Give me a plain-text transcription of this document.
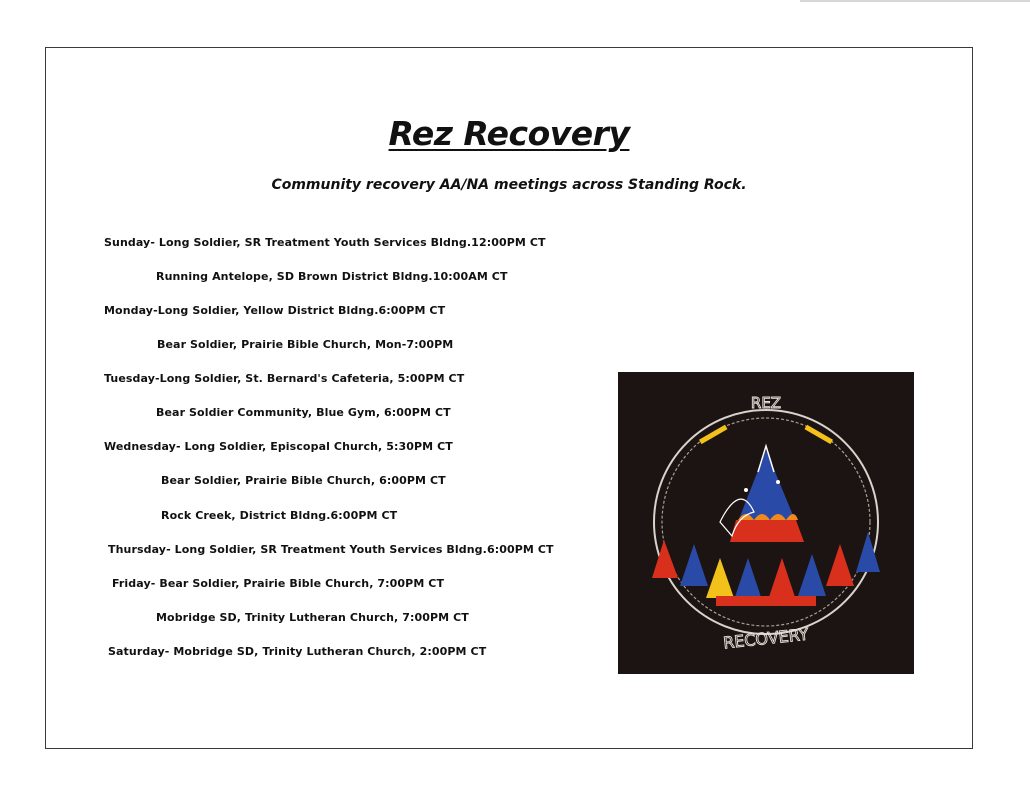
Rez Recovery
Community recovery AA/NA meetings across Standing Rock.
Sunday- Long Soldier, SR Treatment Youth Services Bldng.12:00PM CT
Running Antelope, SD Brown District Bldng.10:00AM CT
Monday-Long Soldier, Yellow District Bldng.6:00PM CT
Bear Soldier, Prairie Bible Church, Mon-7:00PM
Tuesday-Long Soldier, St. Bernard's Cafeteria, 5:00PM CT
Bear Soldier Community, Blue Gym, 6:00PM CT
Wednesday- Long Soldier, Episcopal Church, 5:30PM CT
Bear Soldier, Prairie Bible Church, 6:00PM CT
Rock Creek, District Bldng.6:00PM CT
Thursday- Long Soldier, SR Treatment Youth Services Bldng.6:00PM CT
Friday- Bear Soldier, Prairie Bible Church, 7:00PM CT
Mobridge SD, Trinity Lutheran Church, 7:00PM CT
Saturday- Mobridge SD, Trinity Lutheran Church, 2:00PM CT
REZ
RECOVERY
